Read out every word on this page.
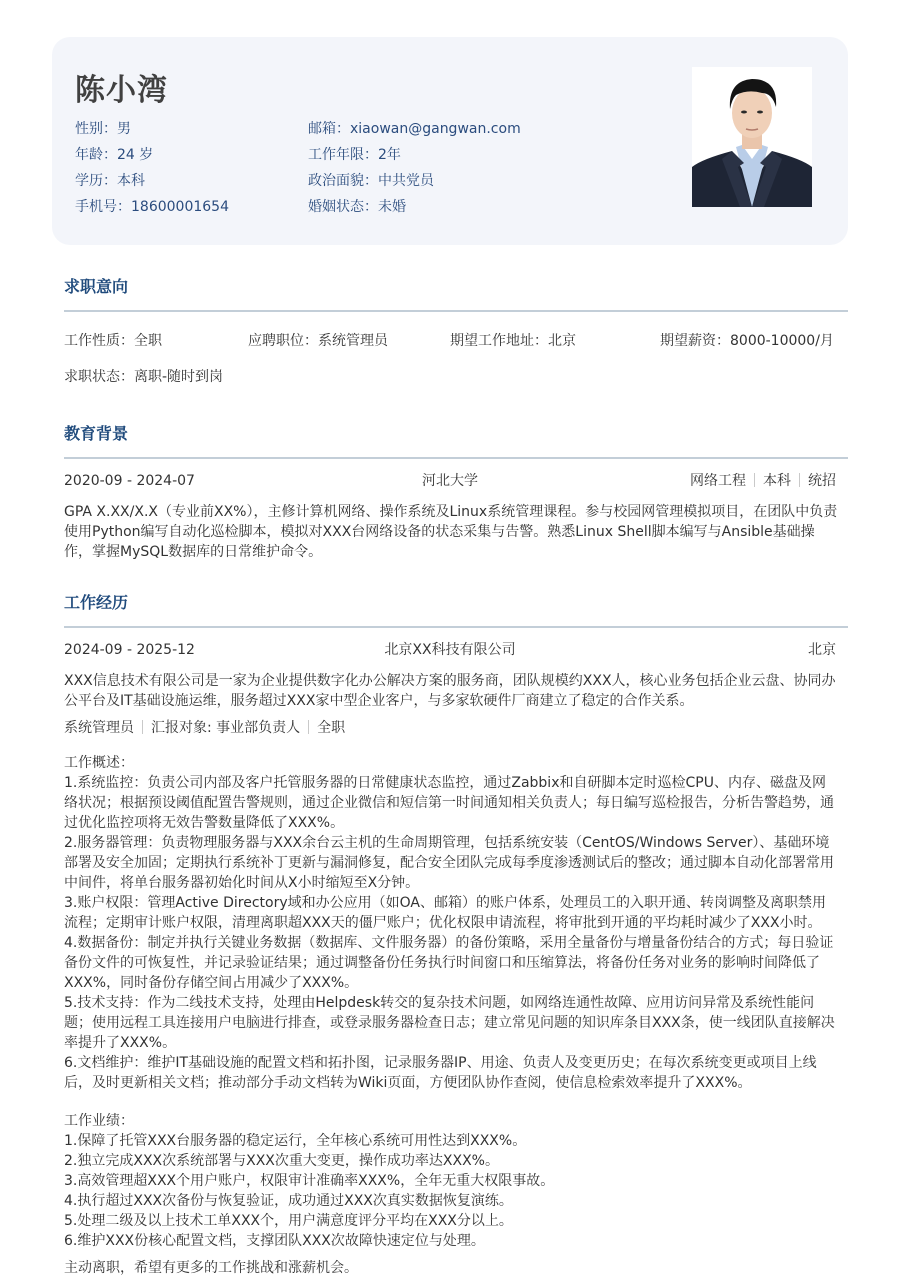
陈小湾
性别：男
年龄：24 岁
学历：本科
手机号：18600001654
邮箱：xiaowan@gangwan.com
工作年限：2年
政治面貌：中共党员
婚姻状态：未婚
求职意向
工作性质：全职	应聘职位：系统管理员	期望工作地址：北京	期望薪资：8000-10000/月
求职状态：离职-随时到岗
教育背景
2020-09 - 2024-07	河北大学	网络工程 本科 统招
GPA X.XX/X.X（专业前XX%），主修计算机网络、操作系统及Linux系统管理课程。参与校园网管理模拟项目，在团队中负责使用Python编写自动化巡检脚本，模拟对XXX台网络设备的状态采集与告警。熟悉Linux Shell脚本编写与Ansible基础操作，掌握MySQL数据库的日常维护命令。
工作经历
2024-09 - 2025-12	北京XX科技有限公司	北京
XXX信息技术有限公司是一家为企业提供数字化办公解决方案的服务商，团队规模约XXX人，核心业务包括企业云盘、协同办公平台及IT基础设施运维，服务超过XXX家中型企业客户，与多家软硬件厂商建立了稳定的合作关系。
系统管理员 汇报对象: 事业部负责人 全职
工作概述：
1.系统监控：负责公司内部及客户托管服务器的日常健康状态监控，通过Zabbix和自研脚本定时巡检CPU、内存、磁盘及网络状况；根据预设阈值配置告警规则，通过企业微信和短信第一时间通知相关负责人；每日编写巡检报告，分析告警趋势，通过优化监控项将无效告警数量降低了XXX%。
2.服务器管理：负责物理服务器与XXX余台云主机的生命周期管理，包括系统安装（CentOS/Windows Server）、基础环境部署及安全加固；定期执行系统补丁更新与漏洞修复，配合安全团队完成每季度渗透测试后的整改；通过脚本自动化部署常用中间件，将单台服务器初始化时间从X小时缩短至X分钟。
3.账户权限：管理Active Directory域和办公应用（如OA、邮箱）的账户体系，处理员工的入职开通、转岗调整及离职禁用流程；定期审计账户权限，清理离职超XXX天的僵尸账户；优化权限申请流程，将审批到开通的平均耗时减少了XXX小时。
4.数据备份：制定并执行关键业务数据（数据库、文件服务器）的备份策略，采用全量备份与增量备份结合的方式；每日验证备份文件的可恢复性，并记录验证结果；通过调整备份任务执行时间窗口和压缩算法，将备份任务对业务的影响时间降低了XXX%，同时备份存储空间占用减少了XXX%。
5.技术支持：作为二线技术支持，处理由Helpdesk转交的复杂技术问题，如网络连通性故障、应用访问异常及系统性能问题；使用远程工具连接用户电脑进行排查，或登录服务器检查日志；建立常见问题的知识库条目XXX条，使一线团队直接解决率提升了XXX%。
6.文档维护：维护IT基础设施的配置文档和拓扑图，记录服务器IP、用途、负责人及变更历史；在每次系统变更或项目上线后，及时更新相关文档；推动部分手动文档转为Wiki页面，方便团队协作查阅，使信息检索效率提升了XXX%。
工作业绩：
1.保障了托管XXX台服务器的稳定运行，全年核心系统可用性达到XXX%。
2.独立完成XXX次系统部署与XXX次重大变更，操作成功率达XXX%。
3.高效管理超XXX个用户账户，权限审计准确率XXX%，全年无重大权限事故。
4.执行超过XXX次备份与恢复验证，成功通过XXX次真实数据恢复演练。
5.处理二级及以上技术工单XXX个，用户满意度评分平均在XXX分以上。
6.维护XXX份核心配置文档，支撑团队XXX次故障快速定位与处理。
主动离职，希望有更多的工作挑战和涨薪机会。
